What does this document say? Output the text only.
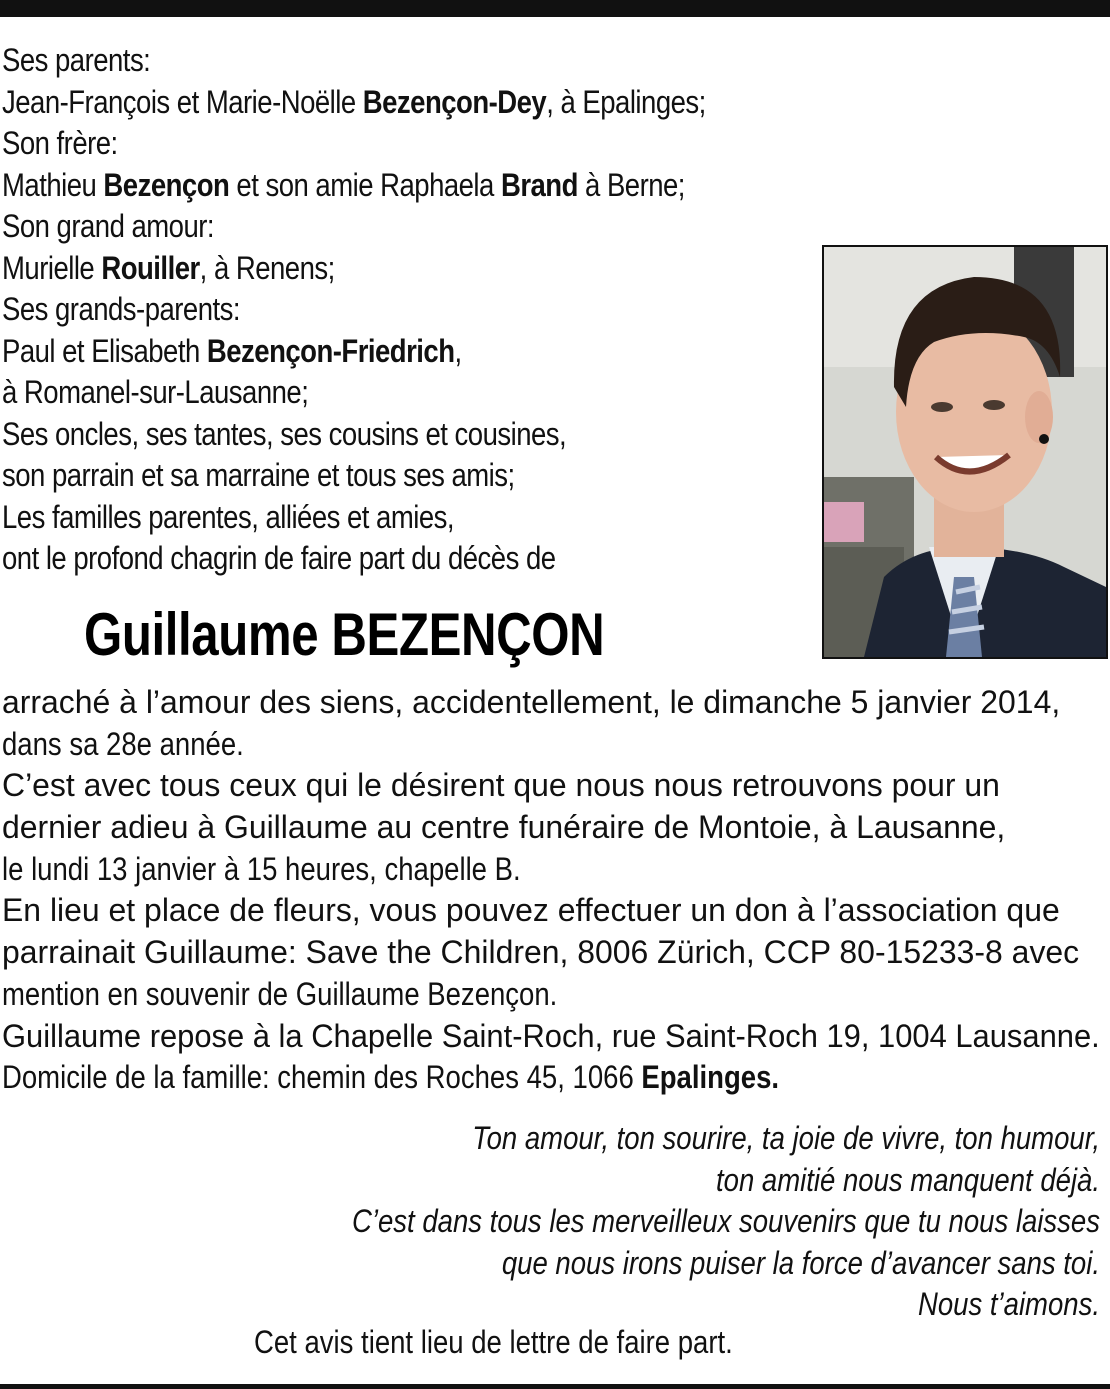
Ses parents:
Jean-François et Marie-Noëlle Bezençon-Dey, à Epalinges;
Son frère:
Mathieu Bezençon et son amie Raphaela Brand à Berne;
Son grand amour:
Murielle Rouiller, à Renens;
Ses grands-parents:
Paul et Elisabeth Bezençon-Friedrich,
à Romanel-sur-Lausanne;
Ses oncles, ses tantes, ses cousins et cousines,
son parrain et sa marraine et tous ses amis;
Les familles parentes, alliées et amies,
ont le profond chagrin de faire part du décès de
Guillaume BEZENÇON
arraché à l’amour des siens, accidentellement, le dimanche 5 janvier 2014,
dans sa 28e année.
C’est avec tous ceux qui le désirent que nous nous retrouvons pour un
dernier adieu à Guillaume au centre funéraire de Montoie, à Lausanne,
le lundi 13 janvier à 15 heures, chapelle B.
En lieu et place de fleurs, vous pouvez effectuer un don à l’association que
parrainait Guillaume: Save the Children, 8006 Zürich, CCP 80-15233-8 avec
mention en souvenir de Guillaume Bezençon.
Guillaume repose à la Chapelle Saint-Roch, rue Saint-Roch 19, 1004 Lausanne.
Domicile de la famille: chemin des Roches 45, 1066 Epalinges.
Ton amour, ton sourire, ta joie de vivre, ton humour,
ton amitié nous manquent déjà.
C’est dans tous les merveilleux souvenirs que tu nous laisses
que nous irons puiser la force d’avancer sans toi.
Nous t’aimons.
Cet avis tient lieu de lettre de faire part.
